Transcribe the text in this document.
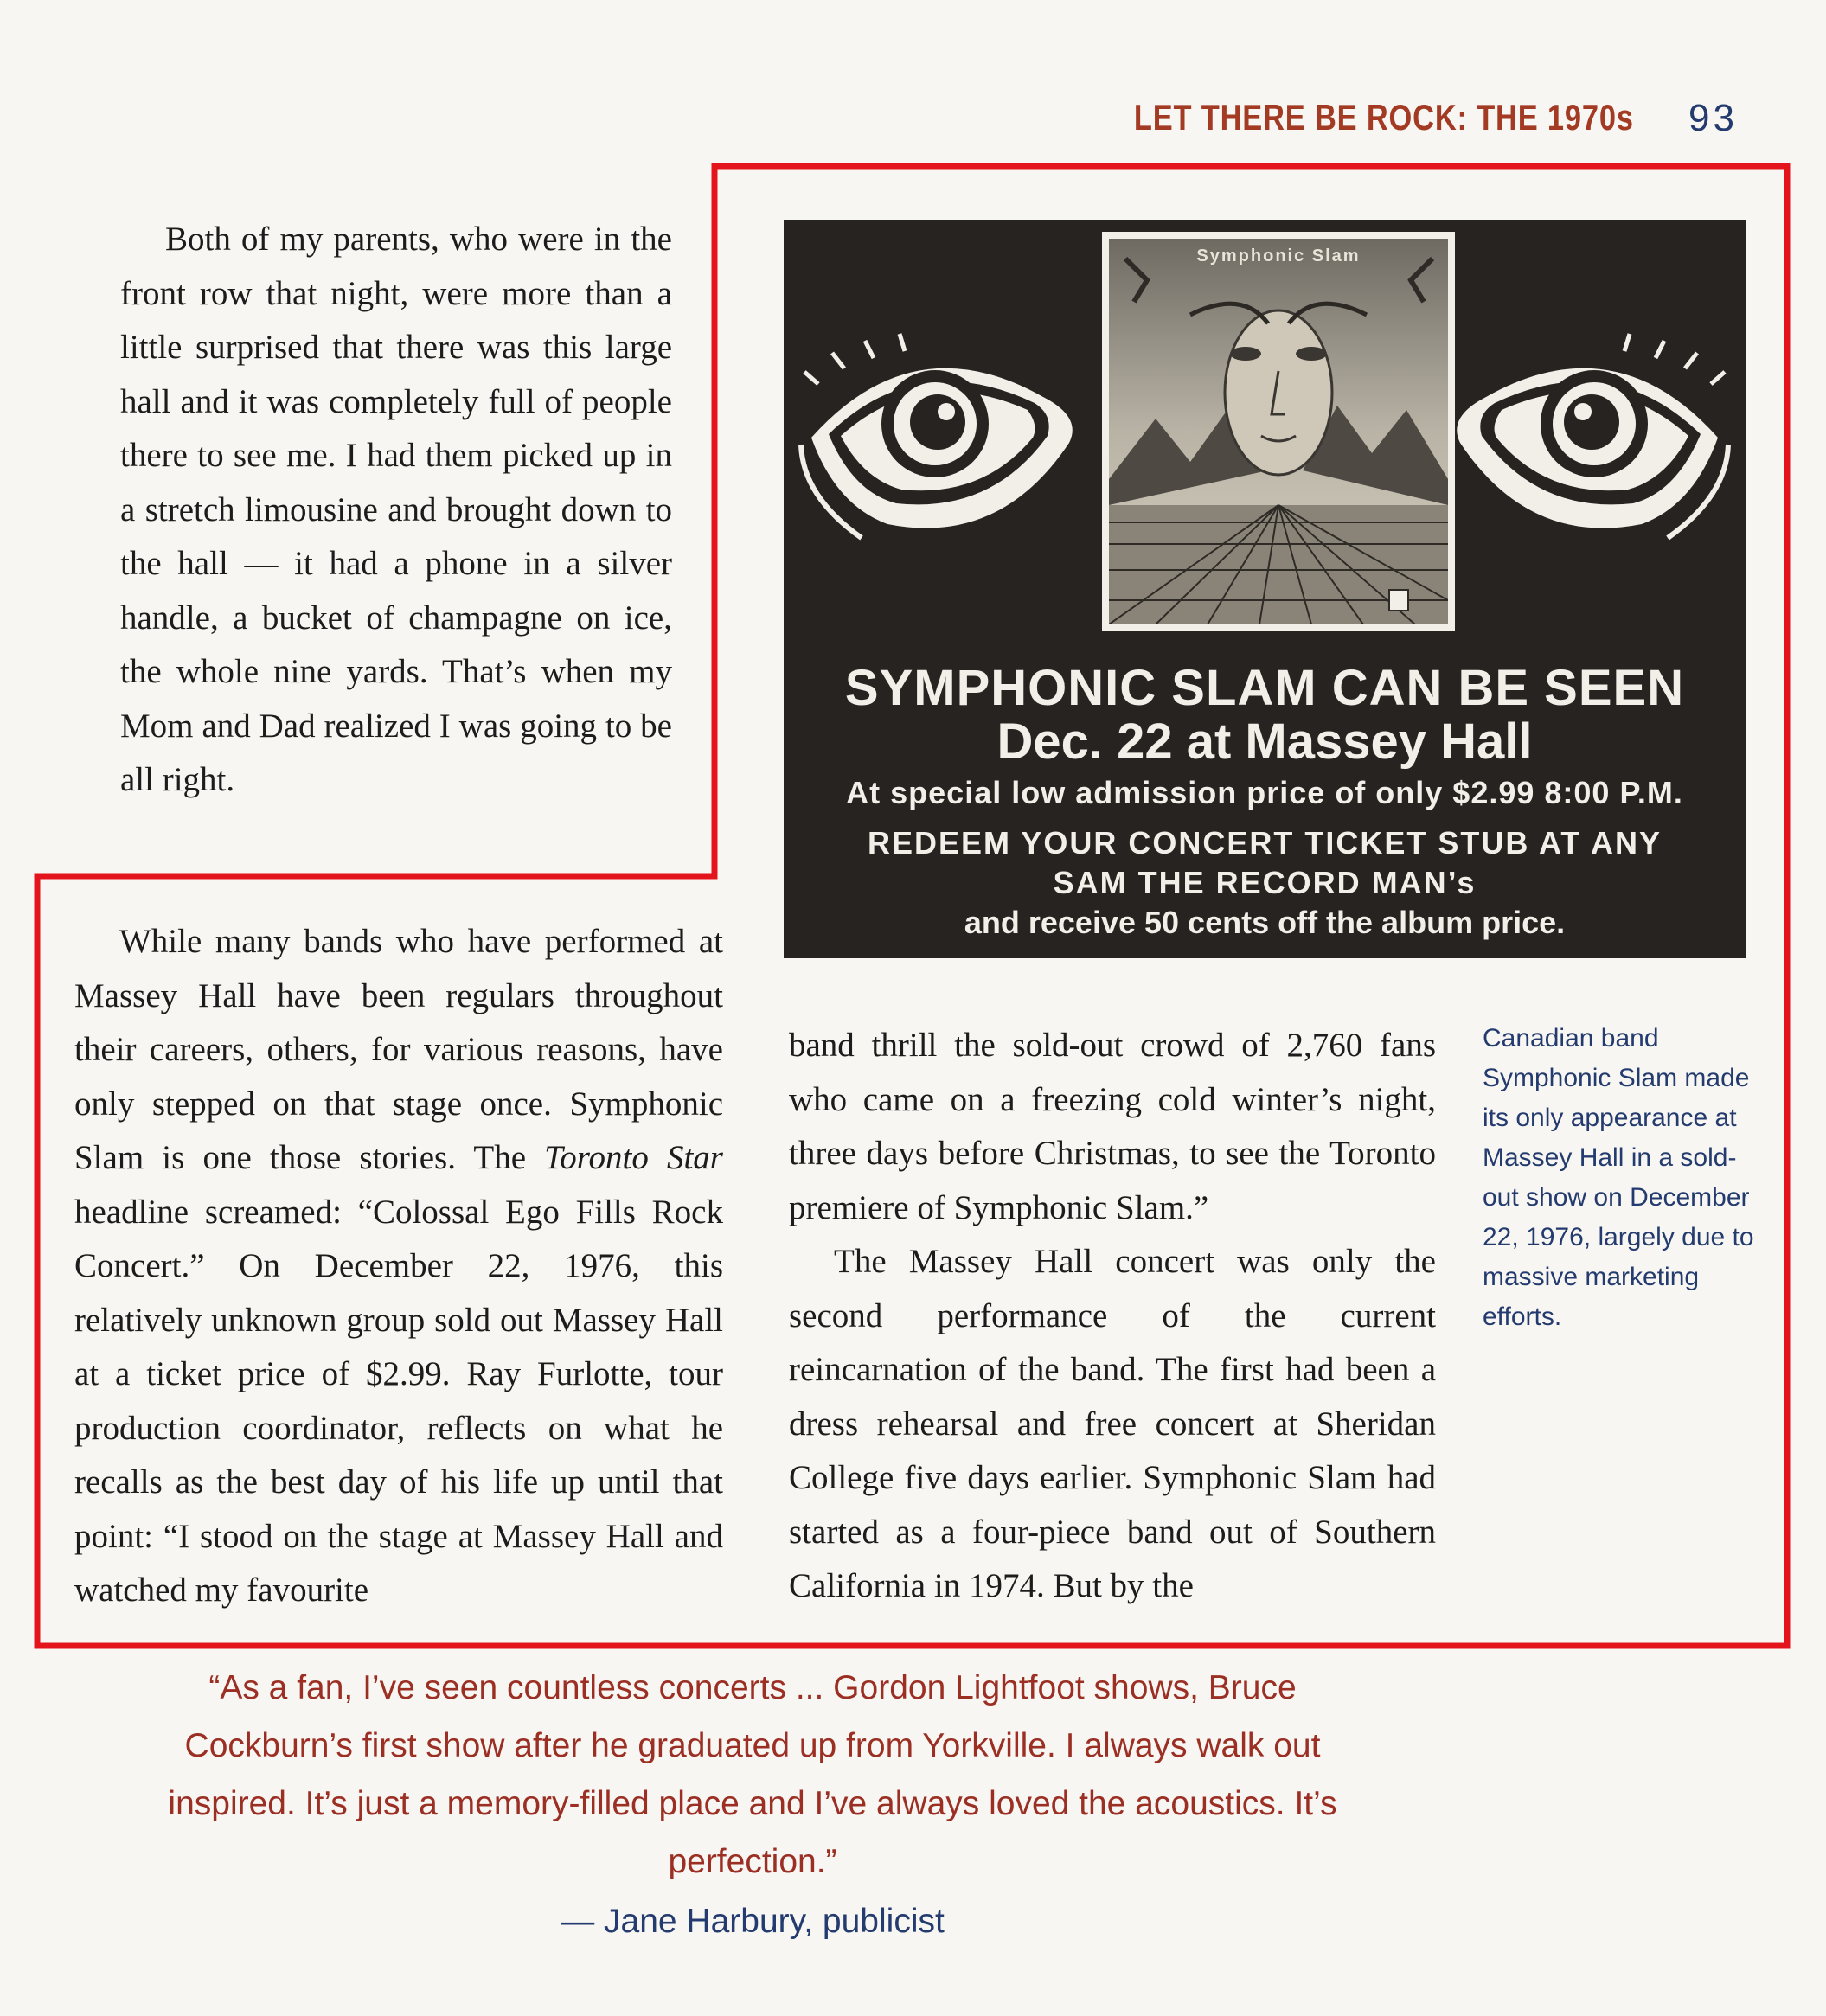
LET THERE BE ROCK: THE 1970s 93

Both of my parents, who were in the front row that night, were more than a little surprised that there was this large hall and it was completely full of people there to see me. I had them picked up in a stretch limousine and brought down to the hall — it had a phone in a silver handle, a bucket of champagne on ice, the whole nine yards. That’s when my Mom and Dad realized I was going to be all right.

While many bands who have performed at Massey Hall have been regulars throughout their careers, others, for various reasons, have only stepped on that stage once. Symphonic Slam is one those stories. The Toronto Star headline screamed: “Colossal Ego Fills Rock Concert.” On December 22, 1976, this relatively unknown group sold out Massey Hall at a ticket price of $2.99. Ray Furlotte, tour production coordinator, reflects on what he recalls as the best day of his life up until that point: “I stood on the stage at Massey Hall and watched my favourite

band thrill the sold-out crowd of 2,760 fans who came on a freezing cold winter’s night, three days before Christmas, to see the Toronto premiere of Symphonic Slam.”

The Massey Hall concert was only the second performance of the current reincarnation of the band. The first had been a dress rehearsal and free concert at Sheridan College five days earlier. Symphonic Slam had started as a four-piece band out of Southern California in 1974. But by the

Symphonic Slam
SYMPHONIC SLAM CAN BE SEEN
Dec. 22 at Massey Hall
At special low admission price of only $2.99 8:00 P.M.
REDEEM YOUR CONCERT TICKET STUB AT ANY
SAM THE RECORD MAN’s
and receive 50 cents off the album price.

Canadian band Symphonic Slam made its only appearance at Massey Hall in a sold-out show on December 22, 1976, largely due to massive marketing efforts.

“As a fan, I’ve seen countless concerts ... Gordon Lightfoot shows, Bruce Cockburn’s first show after he graduated up from Yorkville. I always walk out inspired. It’s just a memory-filled place and I’ve always loved the acoustics. It’s perfection.”

— Jane Harbury, publicist
